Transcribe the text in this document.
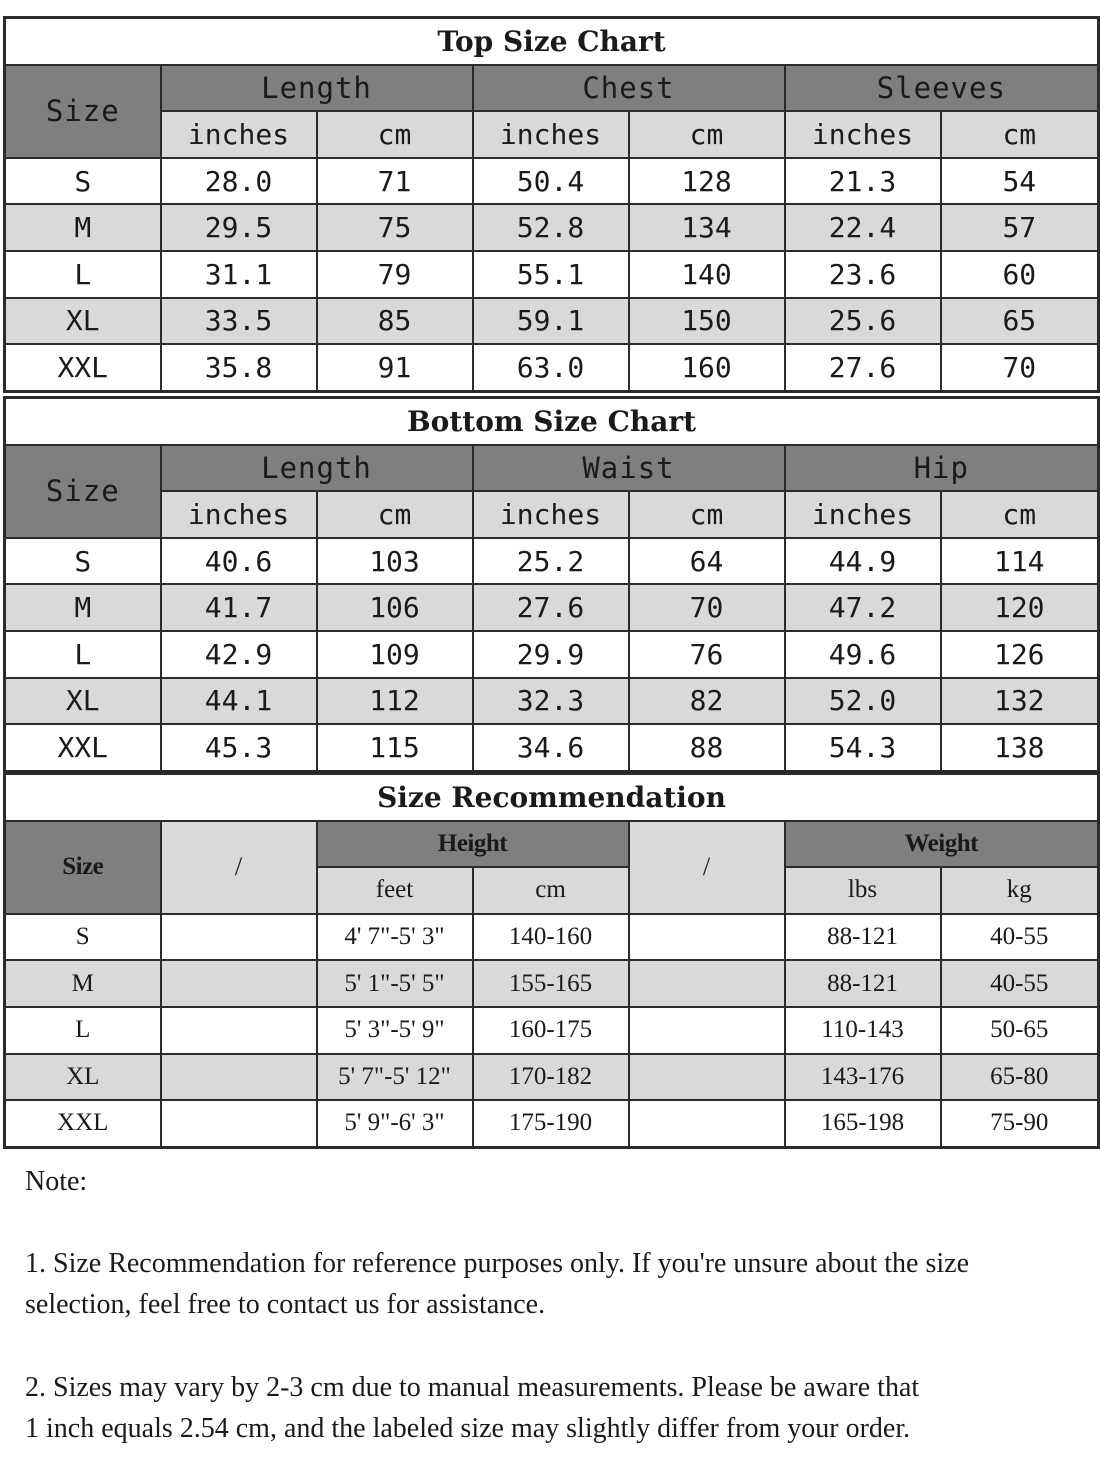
Top Size Chart						
Size	Length		Chest		Sleeves	
	inches	cm	inches	cm	inches	cm
S	28.0	71	50.4	128	21.3	54
M	29.5	75	52.8	134	22.4	57
L	31.1	79	55.1	140	23.6	60
XL	33.5	85	59.1	150	25.6	65
XXL	35.8	91	63.0	160	27.6	70
Bottom Size Chart						
Size	Length		Waist		Hip	
	inches	cm	inches	cm	inches	cm
S	40.6	103	25.2	64	44.9	114
M	41.7	106	27.6	70	47.2	120
L	42.9	109	29.9	76	49.6	126
XL	44.1	112	32.3	82	52.0	132
XXL	45.3	115	34.6	88	54.3	138
Size Recommendation						
Size	/	Height		/	Weight	
		feet	cm		lbs	kg
S		4' 7"-5' 3"	140-160		88-121	40-55
M		5' 1"-5' 5"	155-165		88-121	40-55
L		5' 3"-5' 9"	160-175		110-143	50-65
XL		5' 7"-5' 12"	170-182		143-176	65-80
XXL		5' 9"-6' 3"	175-190		165-198	75-90

Note:

1. Size Recommendation for reference purposes only. If you're unsure about the size
selection, feel free to contact us for assistance.

2. Sizes may vary by 2-3 cm due to manual measurements. Please be aware that
1 inch equals 2.54 cm, and the labeled size may slightly differ from your order.
